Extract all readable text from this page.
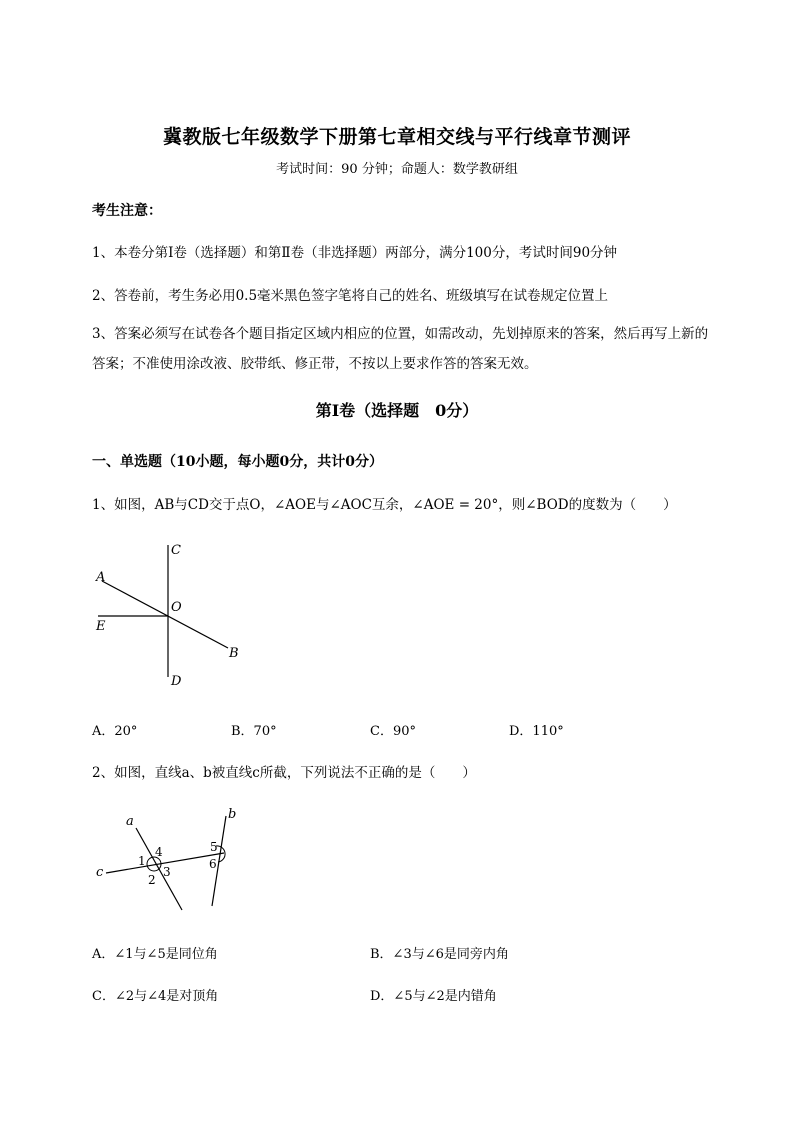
冀教版七年级数学下册第七章相交线与平行线章节测评
考试时间：90 分钟；命题人：数学教研组
考生注意：
1、本卷分第Ⅰ卷（选择题）和第Ⅱ卷（非选择题）两部分，满分100分，考试时间90分钟
2、答卷前，考生务必用0.5毫米黑色签字笔将自己的姓名、班级填写在试卷规定位置上
3、答案必须写在试卷各个题目指定区域内相应的位置，如需改动，先划掉原来的答案，然后再写上新的答案；不准使用涂改液、胶带纸、修正带，不按以上要求作答的答案无效。
第Ⅰ卷（选择题　0分）
一、单选题（10小题，每小题0分，共计0分）
1、如图，AB与CD交于点O，∠AOE与∠AOC互余，∠AOE = 20°，则∠BOD的度数为（　　）
C
A
O
E
B
D
A．20°	B．70°	C．90°	D．110°
2、如图，直线a、b被直线c所截，下列说法不正确的是（　　）
a	b
c
1
2
3
4	5
6
A．∠1与∠5是同位角	B．∠3与∠6是同旁内角
C．∠2与∠4是对顶角	D．∠5与∠2是内错角
